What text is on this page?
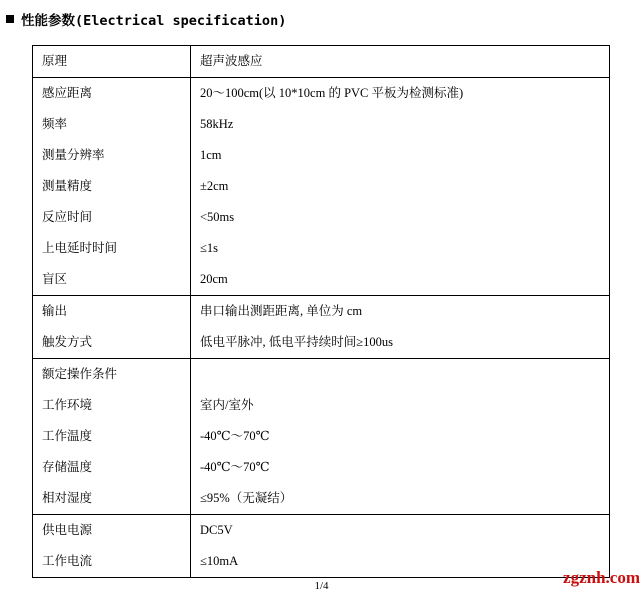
性能参数(Electrical specification)
原理	超声波感应
感应距离	20～100cm(以 10*10cm 的 PVC 平板为检测标准)
频率	58kHz
测量分辨率	1cm
测量精度	±2cm
反应时间	<50ms
上电延时时间	≤1s
盲区	20cm
输出	串口输出测距距离, 单位为 cm
触发方式	低电平脉冲, 低电平持续时间≥100us
额定操作条件	
工作环境	室内/室外
工作温度	-40℃～70℃
存储温度	-40℃～70℃
相对湿度	≤95%（无凝结）
供电电源	DC5V
工作电流	≤10mA
1/4	zgznh.com
